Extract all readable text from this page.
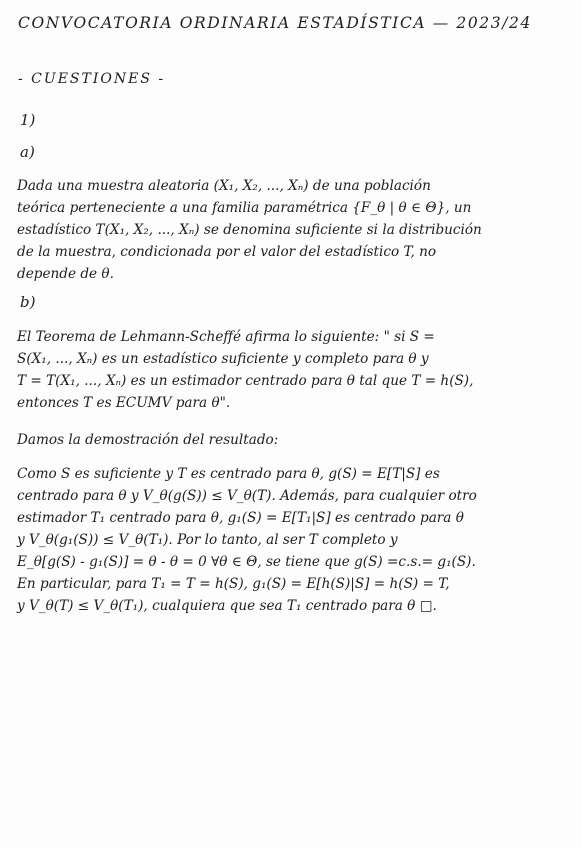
CONVOCATORIA ORDINARIA ESTADÍSTICA — 2023/24
- CUESTIONES -
1)
a)
Dada una muestra aleatoria (X₁, X₂, ..., Xₙ) de una población
teórica perteneciente a una familia paramétrica {F_θ | θ ∈ Θ}, un
estadístico T(X₁, X₂, ..., Xₙ) se denomina suficiente si la distribución
de la muestra, condicionada por el valor del estadístico T, no
depende de θ.
b)
El Teorema de Lehmann-Scheffé afirma lo siguiente: " si S =
S(X₁, ..., Xₙ) es un estadístico suficiente y completo para θ y
T = T(X₁, ..., Xₙ) es un estimador centrado para θ tal que T = h(S),
entonces T es ECUMV para θ".
Damos la demostración del resultado:
Como S es suficiente y T es centrado para θ, g(S) = E[T|S] es
centrado para θ y V_θ(g(S)) ≤ V_θ(T). Además, para cualquier otro
estimador T₁ centrado para θ, g₁(S) = E[T₁|S] es centrado para θ
y V_θ(g₁(S)) ≤ V_θ(T₁). Por lo tanto, al ser T completo y
E_θ[g(S) - g₁(S)] = θ - θ = 0 ∀θ ∈ Θ, se tiene que g(S) =c.s.= g₁(S).
En particular, para T₁ = T = h(S), g₁(S) = E[h(S)|S] = h(S) = T,
y V_θ(T) ≤ V_θ(T₁), cualquiera que sea T₁ centrado para θ □.
